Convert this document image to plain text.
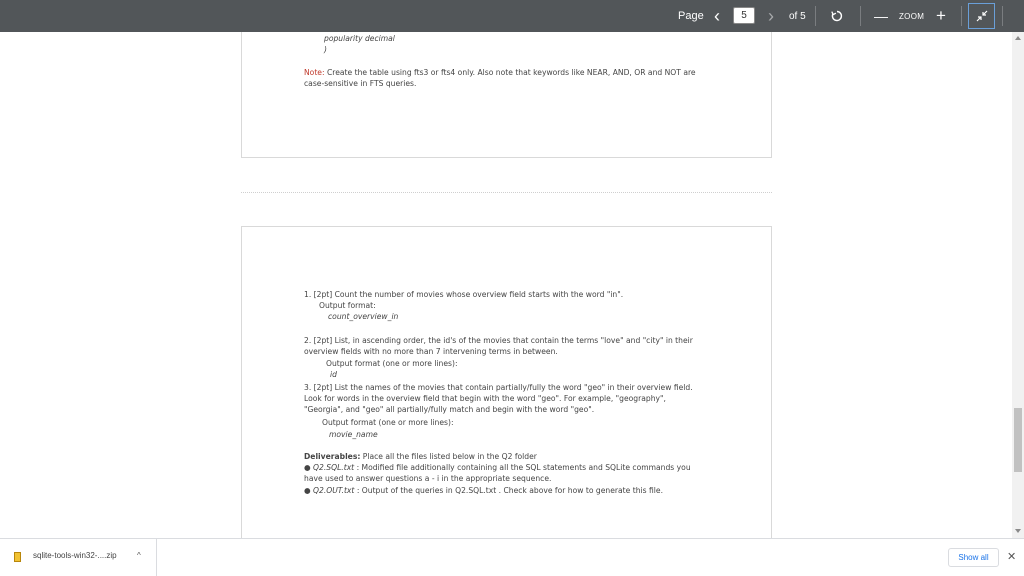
Page ‹
5	› of 5	— ZOOM +
popularity decimal
)
Note: Create the table using fts3 or fts4 only. Also note that keywords like NEAR, AND, OR and NOT are
case-sensitive in FTS queries.
1. [2pt] Count the number of movies whose overview field starts with the word "in".
Output format:
count_overview_in
2. [2pt] List, in ascending order, the id's of the movies that contain the terms "love" and "city" in their
overview fields with no more than 7 intervening terms in between.
Output format (one or more lines):
id
3. [2pt] List the names of the movies that contain partially/fully the word "geo" in their overview field.
Look for words in the overview field that begin with the word "geo". For example, "geography",
"Georgia", and "geo" all partially/fully match and begin with the word "geo".
Output format (one or more lines):
movie_name
Deliverables: Place all the files listed below in the Q2 folder
● Q2.SQL.txt : Modified file additionally containing all the SQL statements and SQLite commands you
have used to answer questions a - i in the appropriate sequence.
● Q2.OUT.txt : Output of the queries in Q2.SQL.txt . Check above for how to generate this file.
sqlite-tools-win32-....zip	^	Show all	✕
